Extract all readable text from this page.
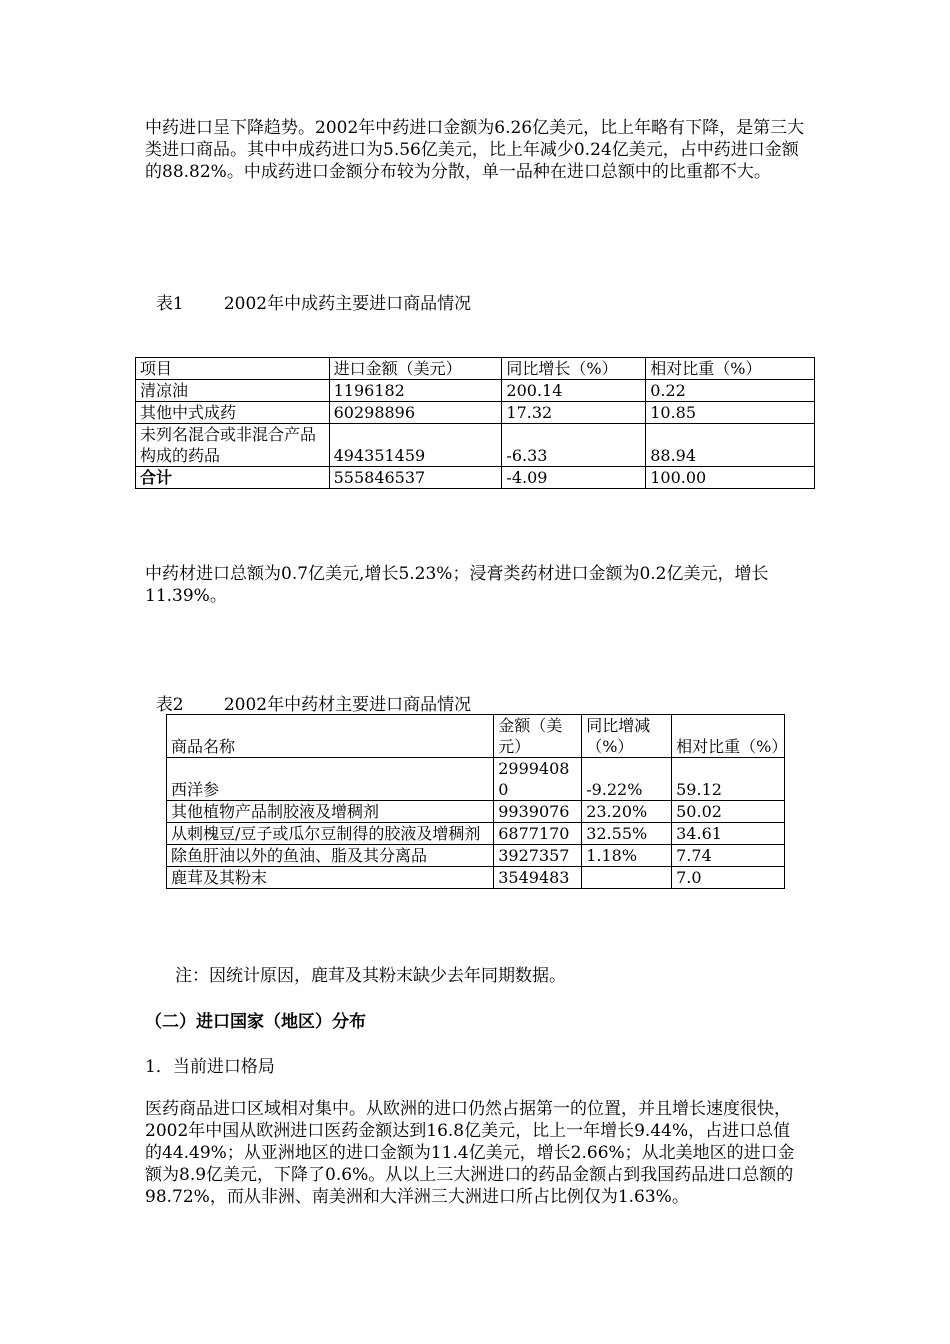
中药进口呈下降趋势。2002年中药进口金额为6.26亿美元，比上年略有下降，是第三大类进口商品。其中中成药进口为5.56亿美元，比上年减少0.24亿美元，占中药进口金额的88.82%。中成药进口金额分布较为分散，单一品种在进口总额中的比重都不大。

表1 2002年中成药主要进口商品情况

项目	进口金额（美元）	同比增长（%）	相对比重（%）
清凉油	1196182	200.14	0.22
其他中式成药	60298896	17.32	10.85
未列名混合或非混合产品构成的药品	494351459	-6.33	88.94
合计	555846537	-4.09	100.00

中药材进口总额为0.7亿美元,增长5.23%；浸膏类药材进口金额为0.2亿美元，增长11.39%。

表2 2002年中药材主要进口商品情况

商品名称	金额（美元）	同比增减（%）	相对比重（%）
西洋参	29994080	-9.22%	59.12
其他植物产品制胶液及增稠剂	9939076	23.20%	50.02
从刺槐豆/豆子或瓜尔豆制得的胶液及增稠剂	6877170	32.55%	34.61
除鱼肝油以外的鱼油、脂及其分离品	3927357	1.18%	7.74
鹿茸及其粉末	3549483		7.0
注：因统计原因，鹿茸及其粉末缺少去年同期数据。
（二）进口国家（地区）分布
1．当前进口格局

医药商品进口区域相对集中。从欧洲的进口仍然占据第一的位置，并且增长速度很快，2002年中国从欧洲进口医药金额达到16.8亿美元，比上一年增长9.44%，占进口总值的44.49%；从亚洲地区的进口金额为11.4亿美元，增长2.66%；从北美地区的进口金额为8.9亿美元，下降了0.6%。从以上三大洲进口的药品金额占到我国药品进口总额的98.72%，而从非洲、南美洲和大洋洲三大洲进口所占比例仅为1.63%。
